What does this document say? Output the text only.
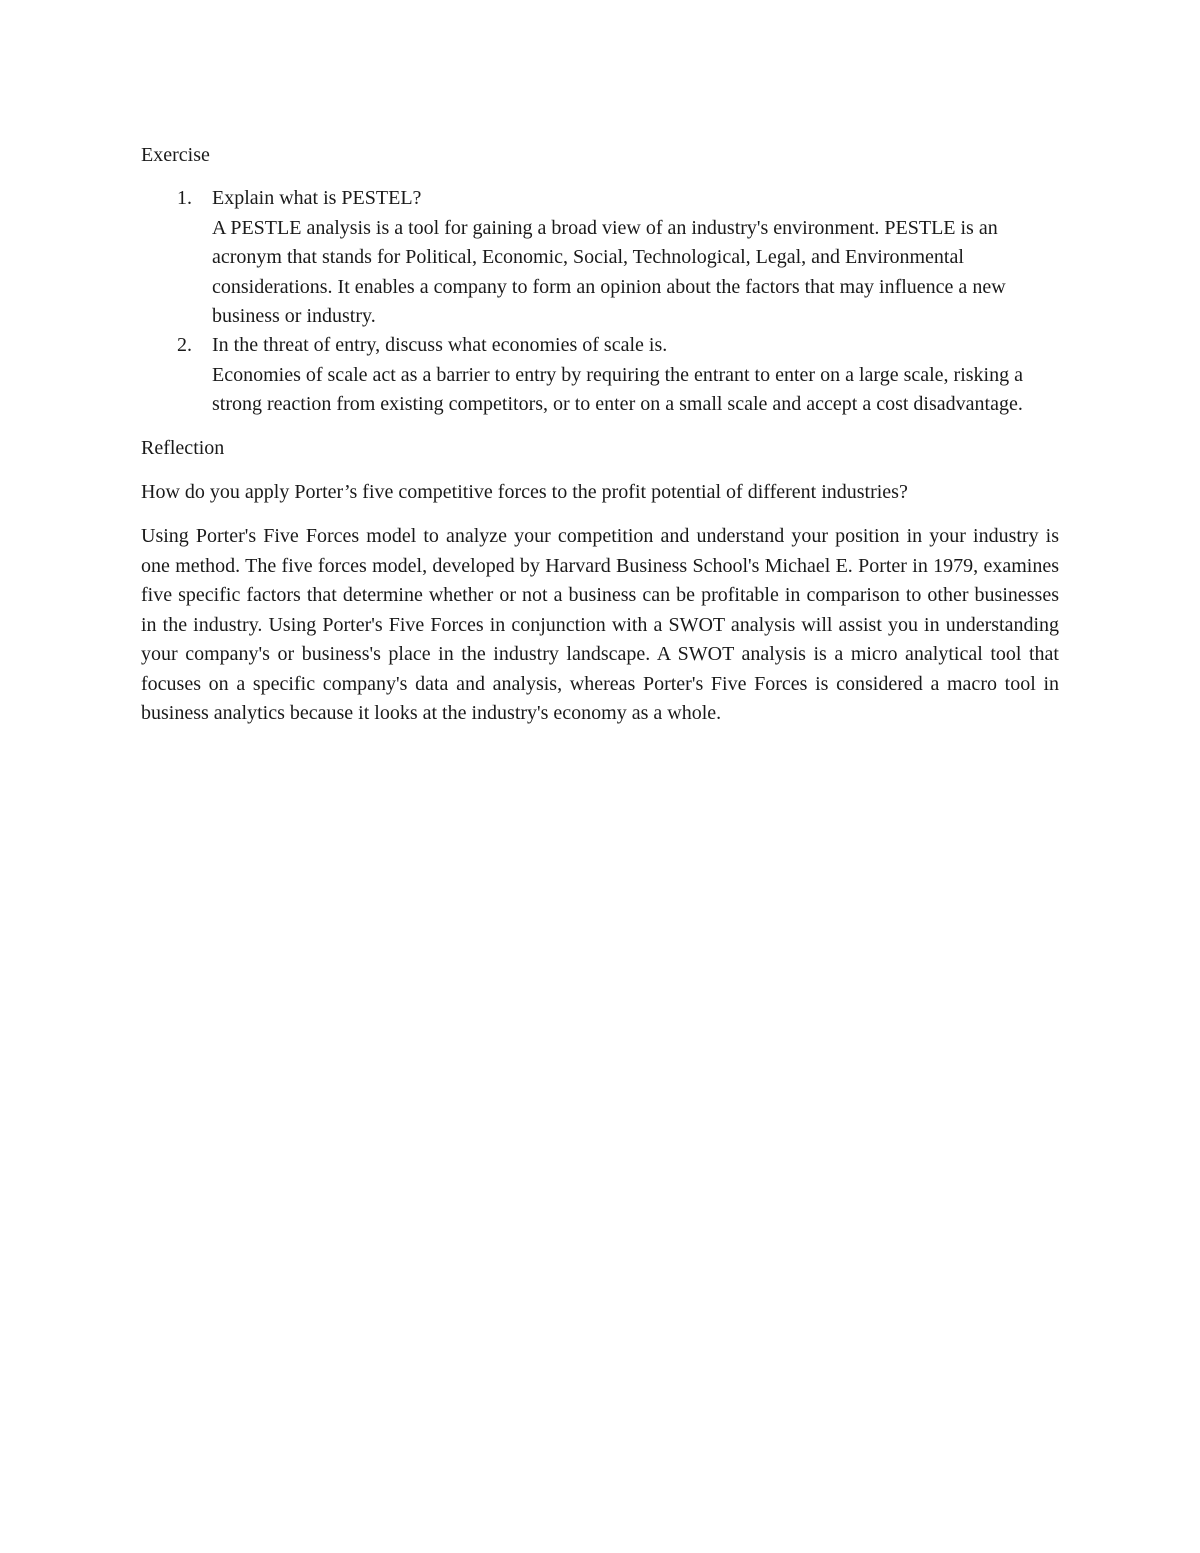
Exercise

1. Explain what is PESTEL?
A PESTLE analysis is a tool for gaining a broad view of an industry's environment. PESTLE is an acronym that stands for Political, Economic, Social, Technological, Legal, and Environmental considerations. It enables a company to form an opinion about the factors that may influence a new business or industry.
2. In the threat of entry, discuss what economies of scale is.
Economies of scale act as a barrier to entry by requiring the entrant to enter on a large scale, risking a strong reaction from existing competitors, or to enter on a small scale and accept a cost disadvantage.

Reflection

How do you apply Porter’s five competitive forces to the profit potential of different industries?

Using Porter's Five Forces model to analyze your competition and understand your position in your industry is one method. The five forces model, developed by Harvard Business School's Michael E. Porter in 1979, examines five specific factors that determine whether or not a business can be profitable in comparison to other businesses in the industry. Using Porter's Five Forces in conjunction with a SWOT analysis will assist you in understanding your company's or business's place in the industry landscape. A SWOT analysis is a micro analytical tool that focuses on a specific company's data and analysis, whereas Porter's Five Forces is considered a macro tool in business analytics because it looks at the industry's economy as a whole.
